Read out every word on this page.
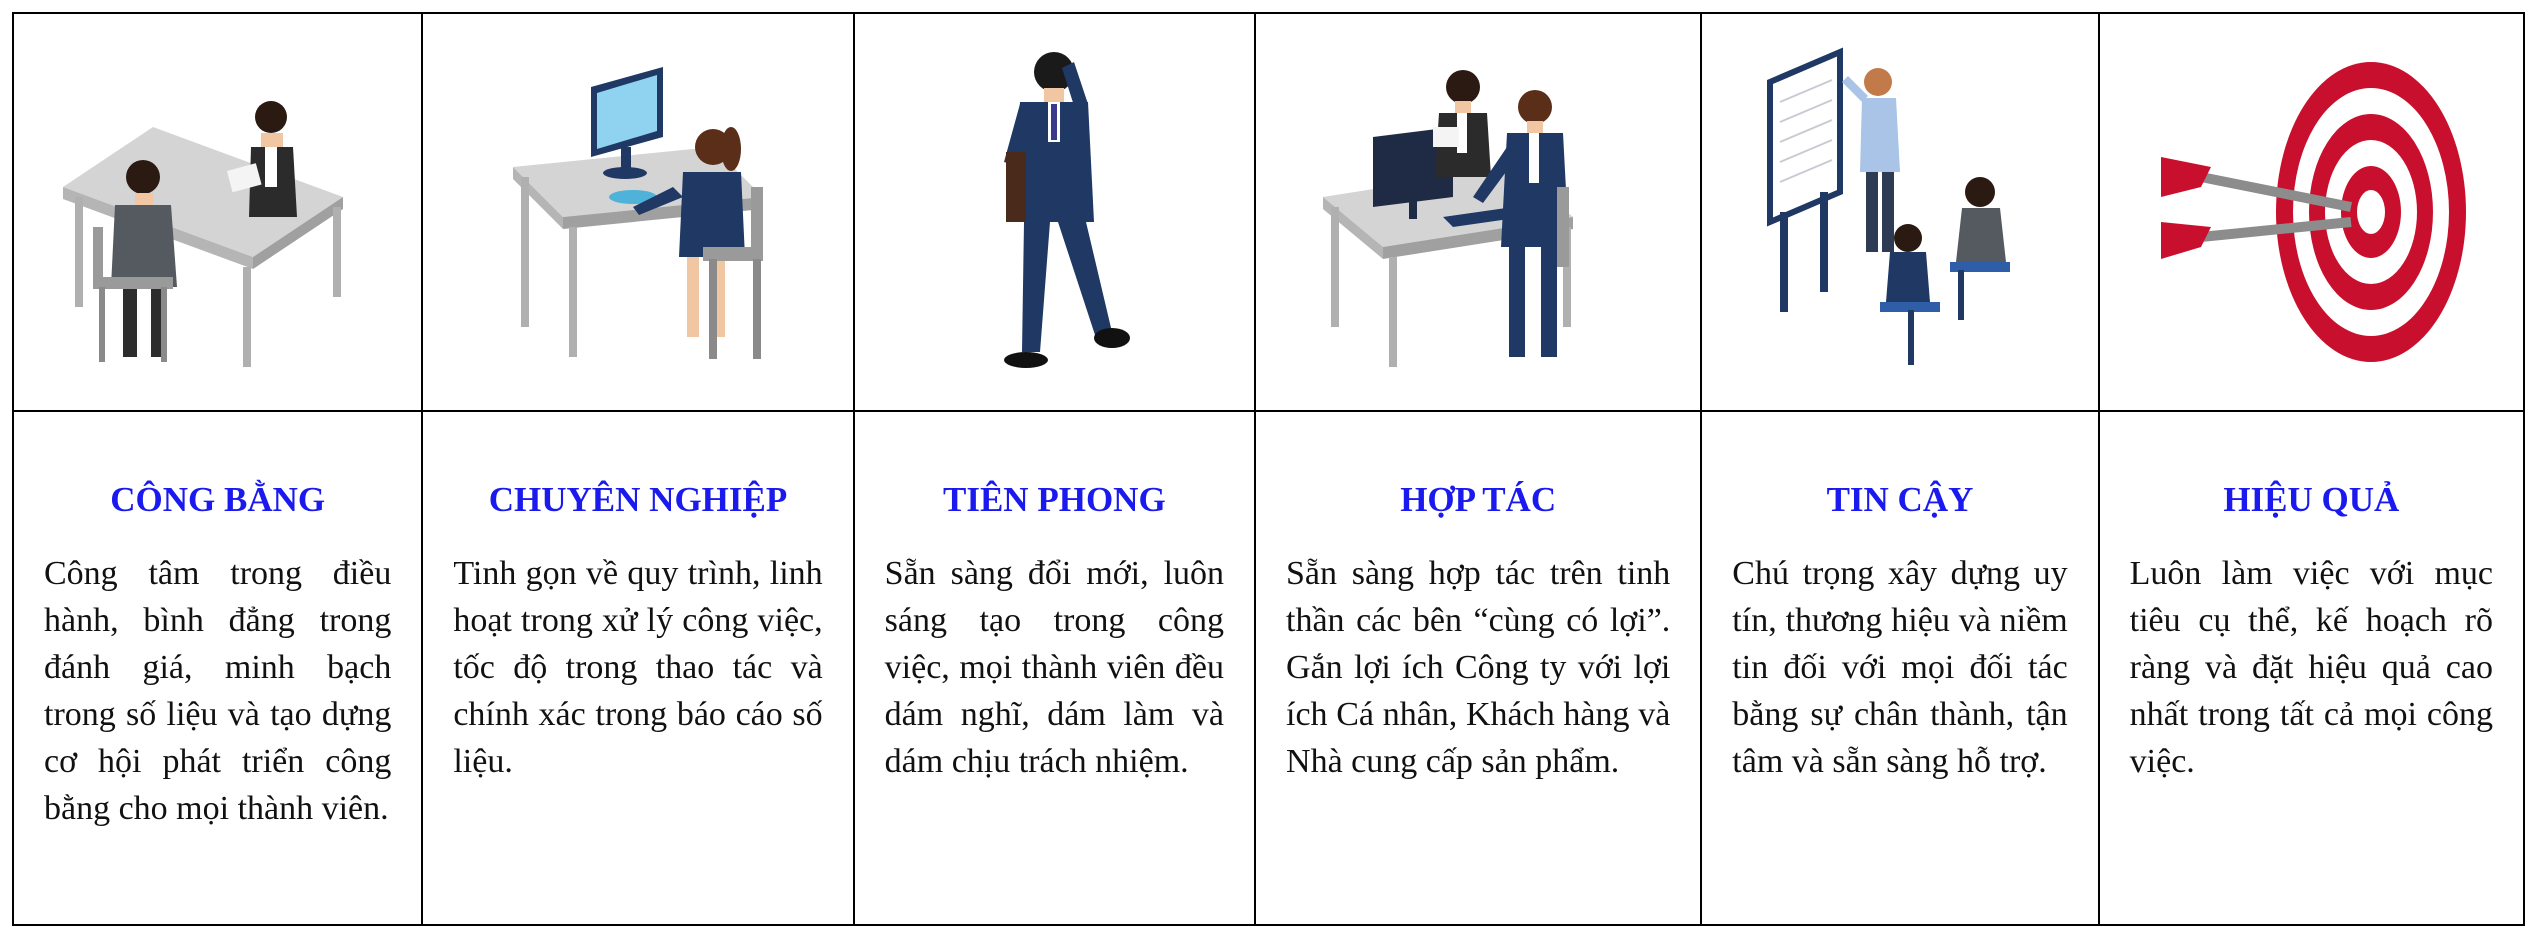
CÔNG BẰNG

Công tâm trong điều hành, bình đẳng trong đánh giá, minh bạch trong số liệu và tạo dựng cơ hội phát triển công bằng cho mọi thành viên.

CHUYÊN NGHIỆP

Tinh gọn về quy trình, linh hoạt trong xử lý công việc, tốc độ trong thao tác và chính xác trong báo cáo số liệu.

TIÊN PHONG

Sẵn sàng đổi mới, luôn sáng tạo trong công việc, mọi thành viên đều dám nghĩ, dám làm và dám chịu trách nhiệm.

HỢP TÁC

Sẵn sàng hợp tác trên tinh thần các bên “cùng có lợi”. Gắn lợi ích Công ty với lợi ích Cá nhân, Khách hàng và Nhà cung cấp sản phẩm.

TIN CẬY

Chú trọng xây dựng uy tín, thương hiệu và niềm tin đối với mọi đối tác bằng sự chân thành, tận tâm và sẵn sàng hỗ trợ.

HIỆU QUẢ

Luôn làm việc với mục tiêu cụ thể, kế hoạch rõ ràng và đặt hiệu quả cao nhất trong tất cả mọi công việc.
